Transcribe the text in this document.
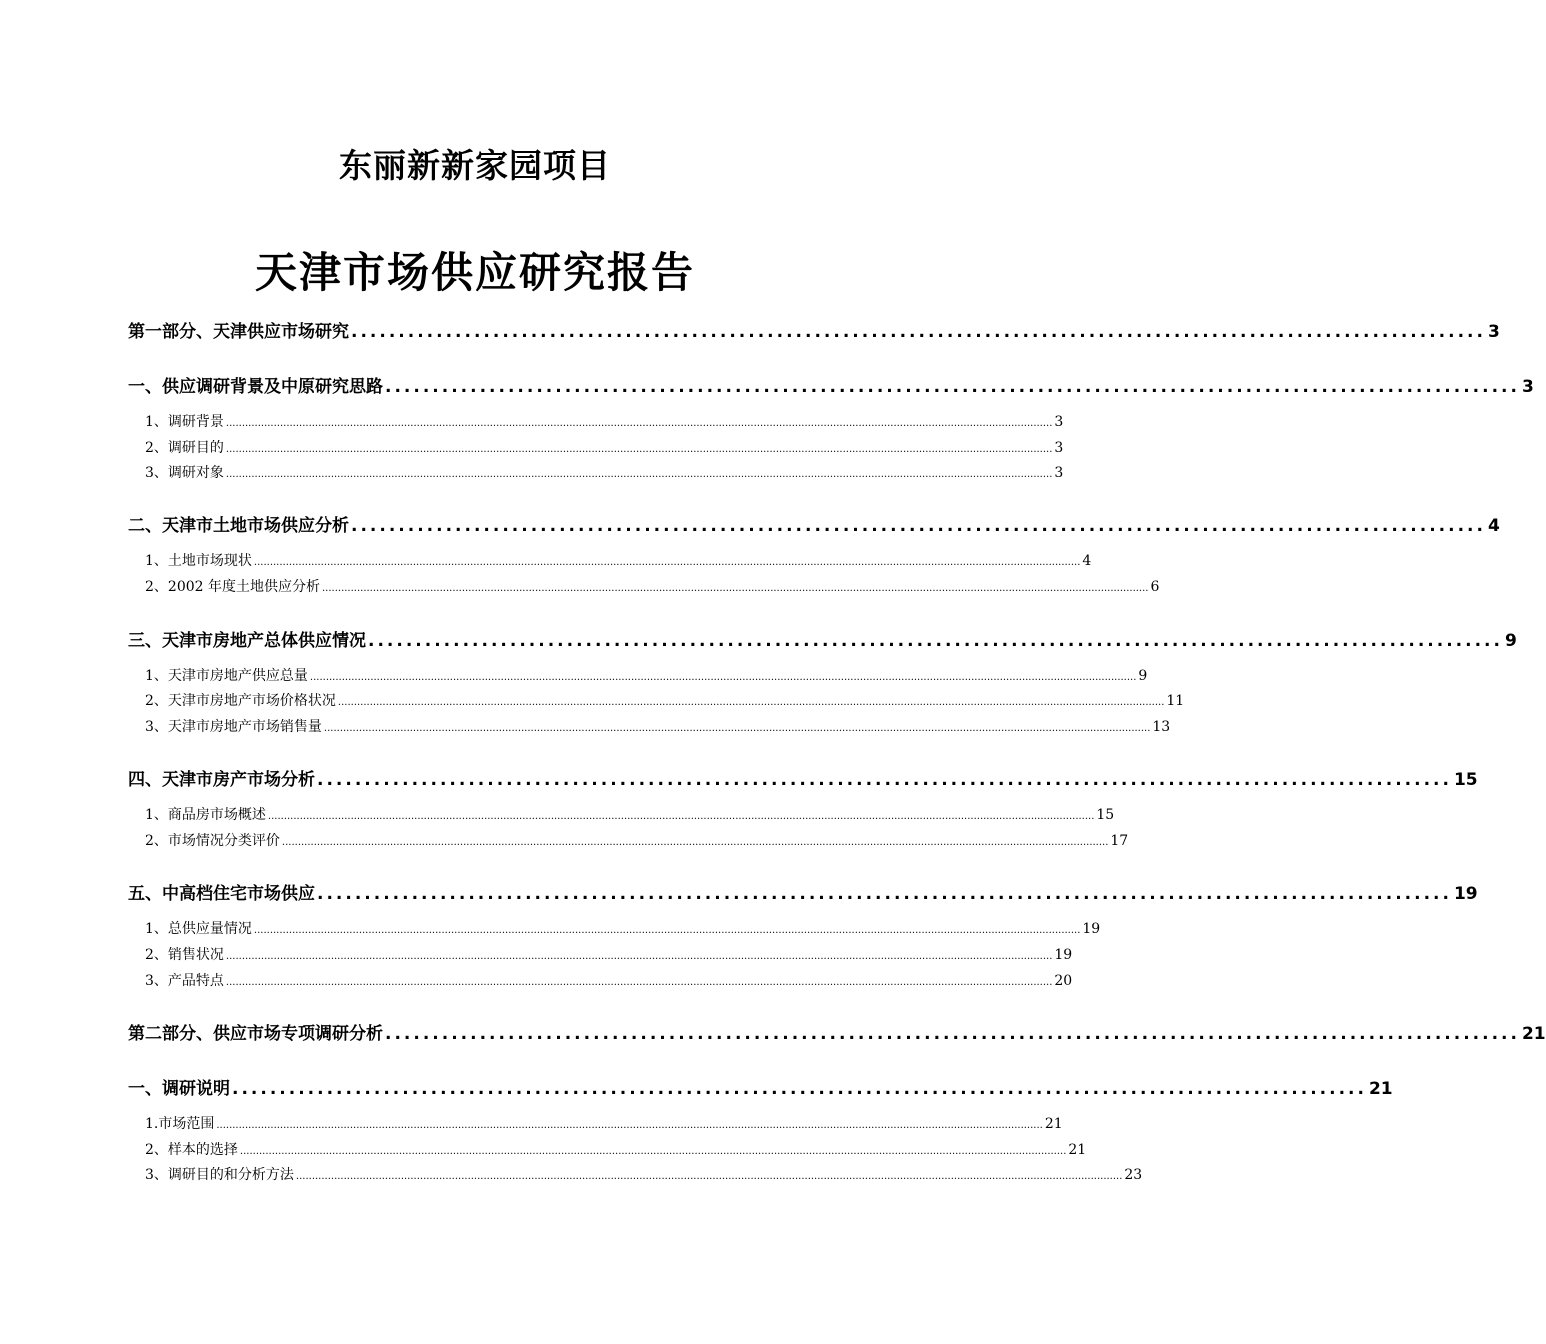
东丽新新家园项目
天津市场供应研究报告
第一部分、天津供应市场研究 ........................................................................................................................ 3
一、供应调研背景及中原研究思路 ........................................................................................................................ 3
1、调研背景 .................................................................................................................................................................................................................................................................... 3
2、调研目的 .................................................................................................................................................................................................................................................................... 3
3、调研对象 .................................................................................................................................................................................................................................................................... 3
二、天津市土地市场供应分析 ........................................................................................................................ 4
1、土地市场现状 .................................................................................................................................................................................................................................................................... 4
2、2002 年度土地供应分析 .................................................................................................................................................................................................................................................................... 6
三、天津市房地产总体供应情况 ........................................................................................................................ 9
1、天津市房地产供应总量 .................................................................................................................................................................................................................................................................... 9
2、天津市房地产市场价格状况 .................................................................................................................................................................................................................................................................... 11
3、天津市房地产市场销售量 .................................................................................................................................................................................................................................................................... 13
四、天津市房产市场分析 ........................................................................................................................ 15
1、商品房市场概述 .................................................................................................................................................................................................................................................................... 15
2、市场情况分类评价 .................................................................................................................................................................................................................................................................... 17
五、中高档住宅市场供应 ........................................................................................................................ 19
1、总供应量情况 .................................................................................................................................................................................................................................................................... 19
2、销售状况 .................................................................................................................................................................................................................................................................... 19
3、产品特点 .................................................................................................................................................................................................................................................................... 20
第二部分、供应市场专项调研分析 ........................................................................................................................ 21
一、调研说明 ........................................................................................................................ 21
1.市场范围 .................................................................................................................................................................................................................................................................... 21
2、样本的选择 .................................................................................................................................................................................................................................................................... 21
3、调研目的和分析方法 .................................................................................................................................................................................................................................................................... 23
